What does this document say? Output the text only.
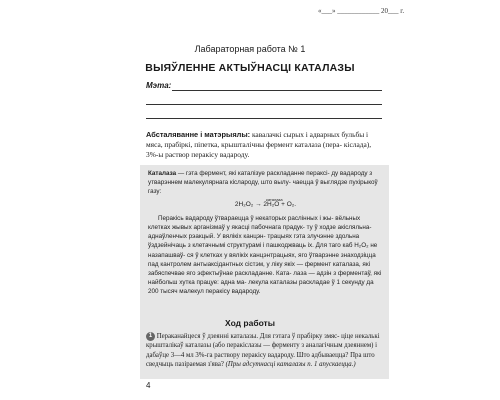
«___» ____________ 20___ г.
Лабараторная работа № 1
ВЫЯЎЛЕННЕ АКТЫЎНАСЦІ КАТАЛАЗЫ
Мэта:
Абсталяванне і матэрыялы: кавалачкі сырых і адварных бульбы і мяса, прабіркі, піпетка, крышталічны фермент каталаза (пера- кіслада), 3%-ы раствор перакісу вадароду.

Каталаза — гэта фермент, які каталізуе раскладанне пераксі- ду вадароду з утварэннем малекулярнага кіслароду, што вылу- чаецца ў выглядзе пухірыкоў газу:

каталаза
2H₂O₂ → 2H₂O + O₂.

Перакісь вадароду ўтвараецца ў некаторых раслінных і жы- вёльных клетках жывых арганізмаў у якасці пабочнага прадук- ту ў ходзе акісляльна-аднаўленчых рэакцый. У вялікіх канцэн- трацыях гэта злучэнне здольна ўздзейнічаць з клетачнымі структурамі і пашкоджваць іх. Для таго каб H₂O₂ не назапашваў- ся ў клетках у вялікіх канцэнтрацыях, яго ўтварэнне знаходзіцца пад кантролем антыаксідантных сістэм, у ліку якіх — фермент каталаза, які забяспечвае яго эфектыўнае раскладанне. Ката- лаза — адзін з ферментаў, які найбольш хутка працуе: адна ма- лекула каталазы раскладае ў 1 секунду да 200 тысяч малекул перакісу вадароду.

Ход работы
1 Пераканайцеся ў дзеянні каталазы. Для гэтага ў прабірку змяс- ціце некалькі крышталікаў каталазы (або перакіслазы — ферменту з аналагічным дзеяннем) і дабаўце 3—4 мл 3%-га раствору перакісу вадароду. Што адбываецца? Пра што сведчыць пазіраемая з'ява? (Пры адсутнасці каталазы п. 1 апускаецца.)
4
